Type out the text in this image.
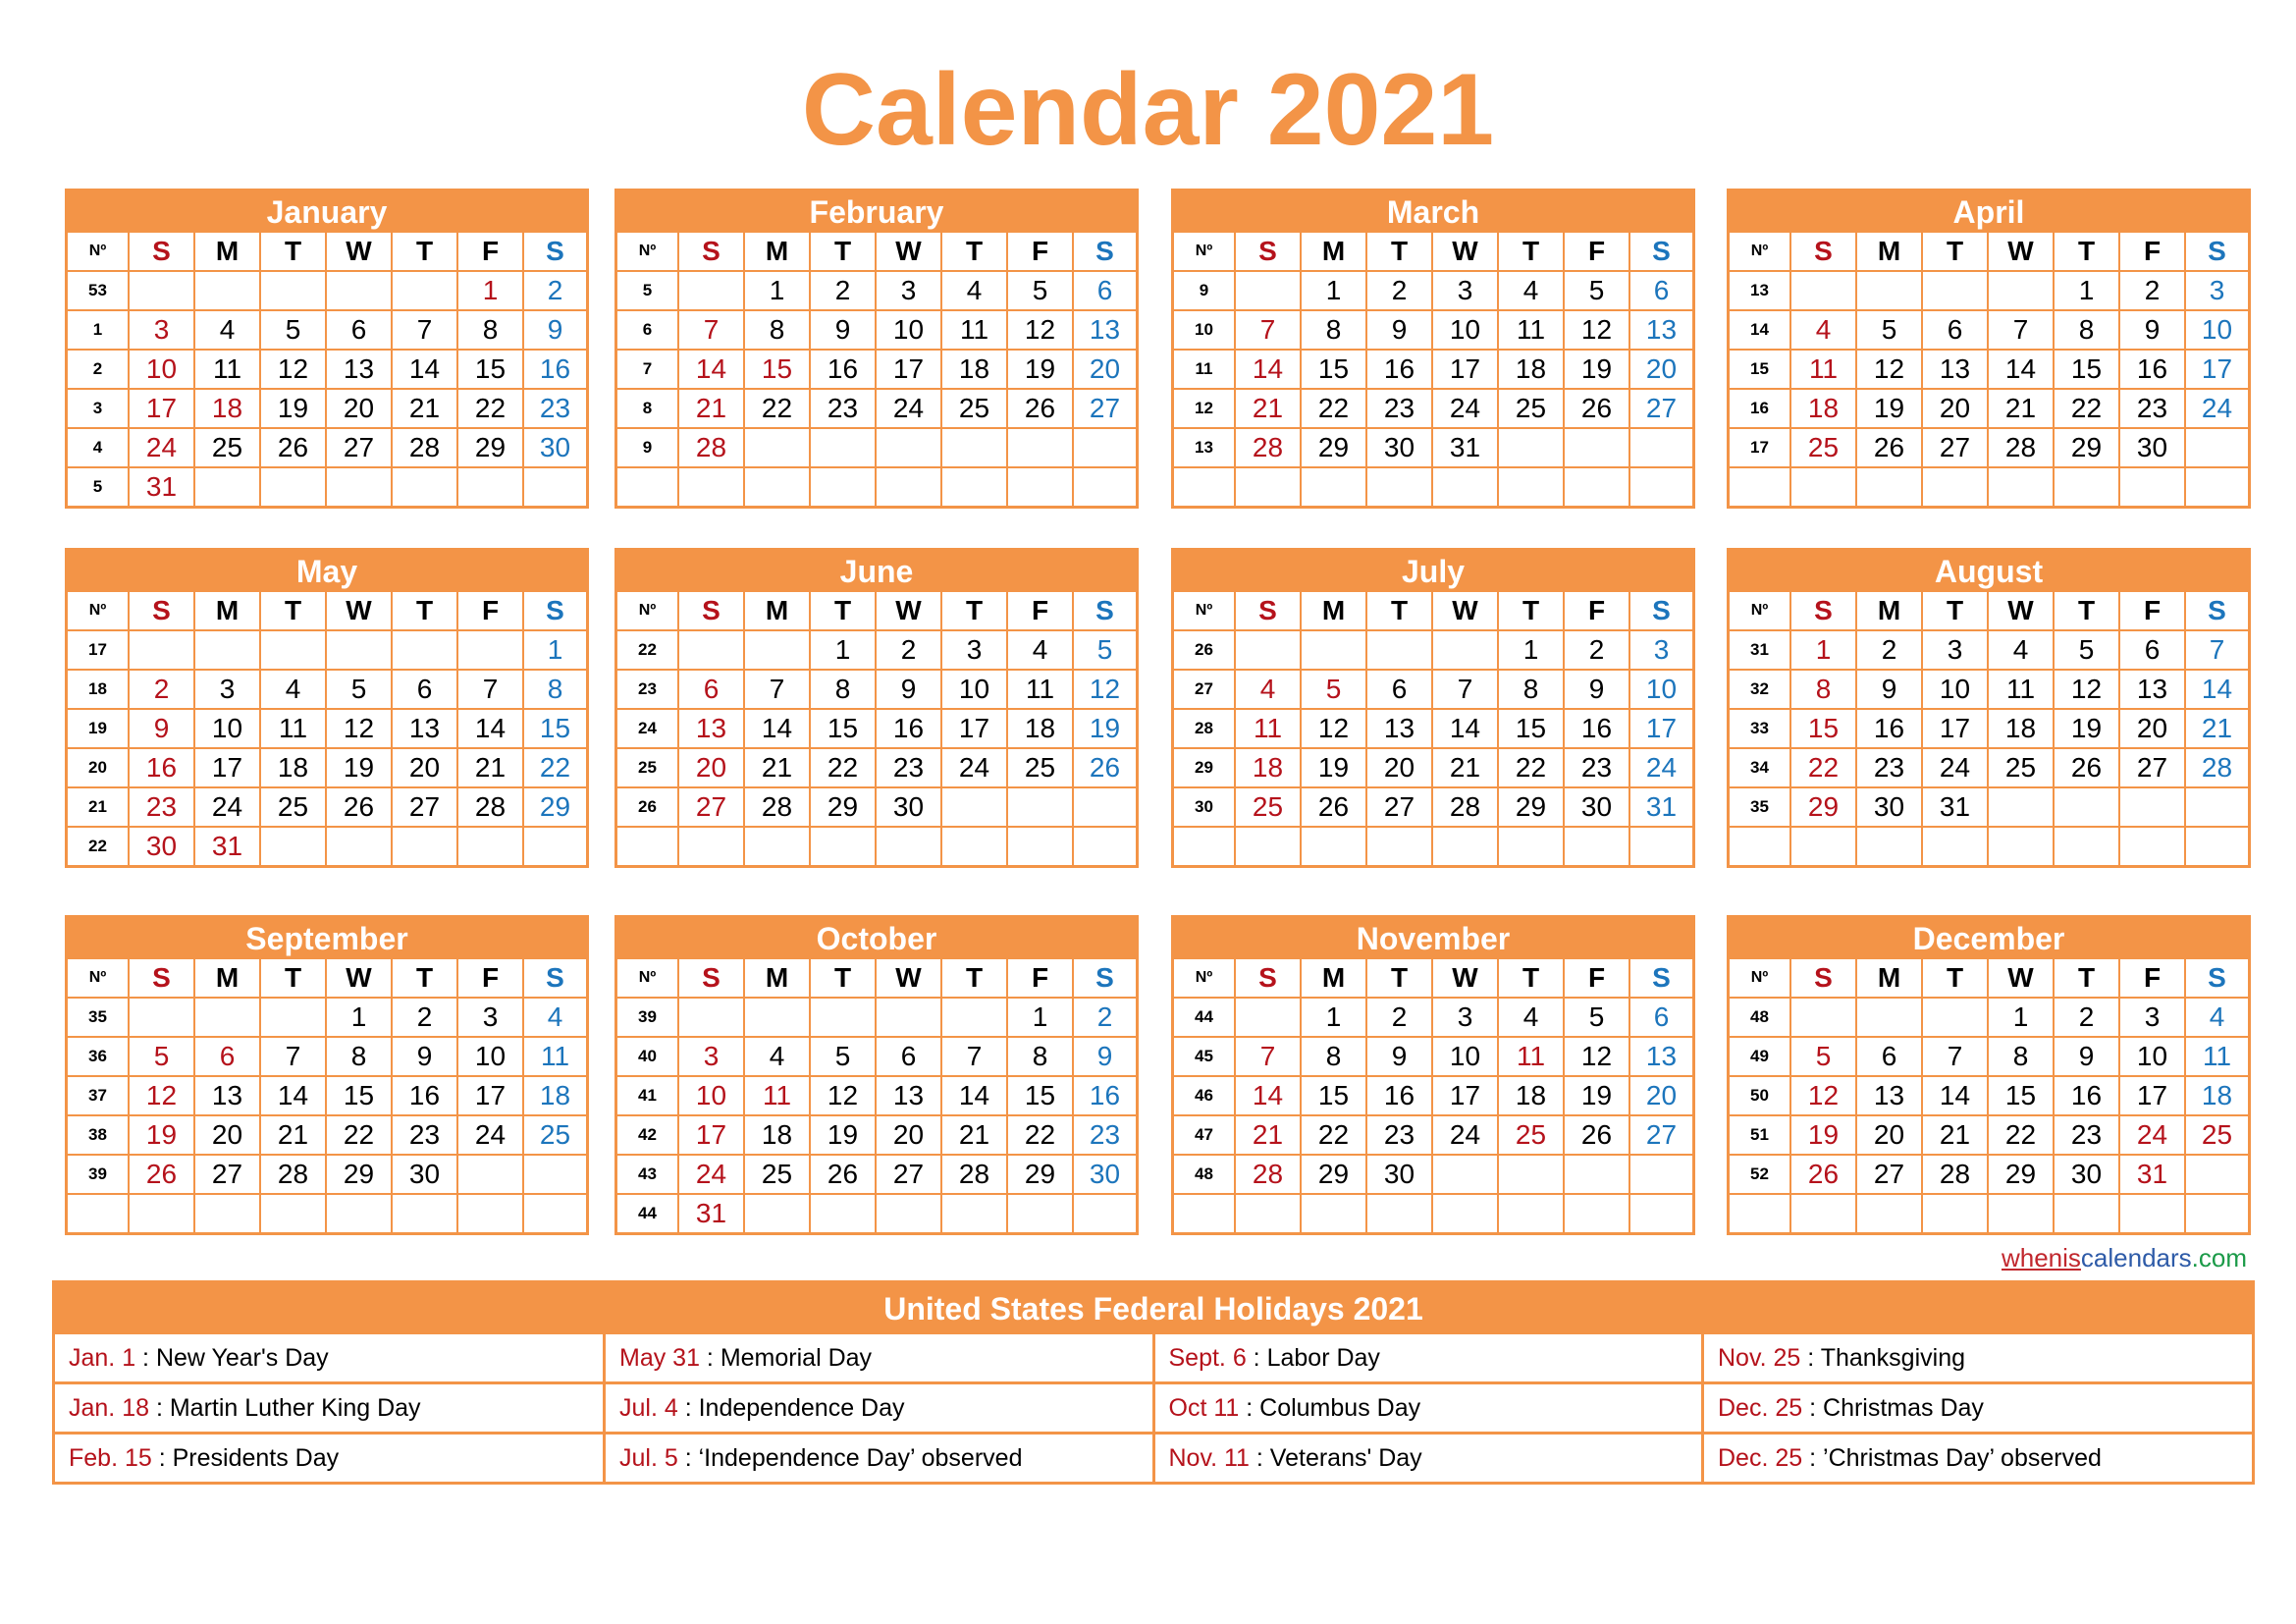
Calendar 2021
January
Nº	S	M	T	W	T	F	S
53						1	2
1	3	4	5	6	7	8	9
2	10	11	12	13	14	15	16
3	17	18	19	20	21	22	23
4	24	25	26	27	28	29	30
5	31						
February
Nº	S	M	T	W	T	F	S
5		1	2	3	4	5	6
6	7	8	9	10	11	12	13
7	14	15	16	17	18	19	20
8	21	22	23	24	25	26	27
9	28						

March
Nº	S	M	T	W	T	F	S
9		1	2	3	4	5	6
10	7	8	9	10	11	12	13
11	14	15	16	17	18	19	20
12	21	22	23	24	25	26	27
13	28	29	30	31			

April
Nº	S	M	T	W	T	F	S
13					1	2	3
14	4	5	6	7	8	9	10
15	11	12	13	14	15	16	17
16	18	19	20	21	22	23	24
17	25	26	27	28	29	30	

May
Nº	S	M	T	W	T	F	S
17							1
18	2	3	4	5	6	7	8
19	9	10	11	12	13	14	15
20	16	17	18	19	20	21	22
21	23	24	25	26	27	28	29
22	30	31					
June
Nº	S	M	T	W	T	F	S
22			1	2	3	4	5
23	6	7	8	9	10	11	12
24	13	14	15	16	17	18	19
25	20	21	22	23	24	25	26
26	27	28	29	30			

July
Nº	S	M	T	W	T	F	S
26					1	2	3
27	4	5	6	7	8	9	10
28	11	12	13	14	15	16	17
29	18	19	20	21	22	23	24
30	25	26	27	28	29	30	31

August
Nº	S	M	T	W	T	F	S
31	1	2	3	4	5	6	7
32	8	9	10	11	12	13	14
33	15	16	17	18	19	20	21
34	22	23	24	25	26	27	28
35	29	30	31				

September
Nº	S	M	T	W	T	F	S
35				1	2	3	4
36	5	6	7	8	9	10	11
37	12	13	14	15	16	17	18
38	19	20	21	22	23	24	25
39	26	27	28	29	30		

October
Nº	S	M	T	W	T	F	S
39						1	2
40	3	4	5	6	7	8	9
41	10	11	12	13	14	15	16
42	17	18	19	20	21	22	23
43	24	25	26	27	28	29	30
44	31						
November
Nº	S	M	T	W	T	F	S
44		1	2	3	4	5	6
45	7	8	9	10	11	12	13
46	14	15	16	17	18	19	20
47	21	22	23	24	25	26	27
48	28	29	30				

December
Nº	S	M	T	W	T	F	S
48				1	2	3	4
49	5	6	7	8	9	10	11
50	12	13	14	15	16	17	18
51	19	20	21	22	23	24	25
52	26	27	28	29	30	31	

wheniscalendars.com
United States Federal Holidays 2021
Jan. 1 : New Year's Day	May 31 : Memorial Day	Sept. 6 : Labor Day	Nov. 25 : Thanksgiving
Jan. 18 : Martin Luther King Day	Jul. 4 : Independence Day	Oct 11 : Columbus Day	Dec. 25 : Christmas Day
Feb. 15 : Presidents Day	Jul. 5 : ‘Independence Day’ observed	Nov. 11 : Veterans' Day	Dec. 25 : ’Christmas Day’ observed
